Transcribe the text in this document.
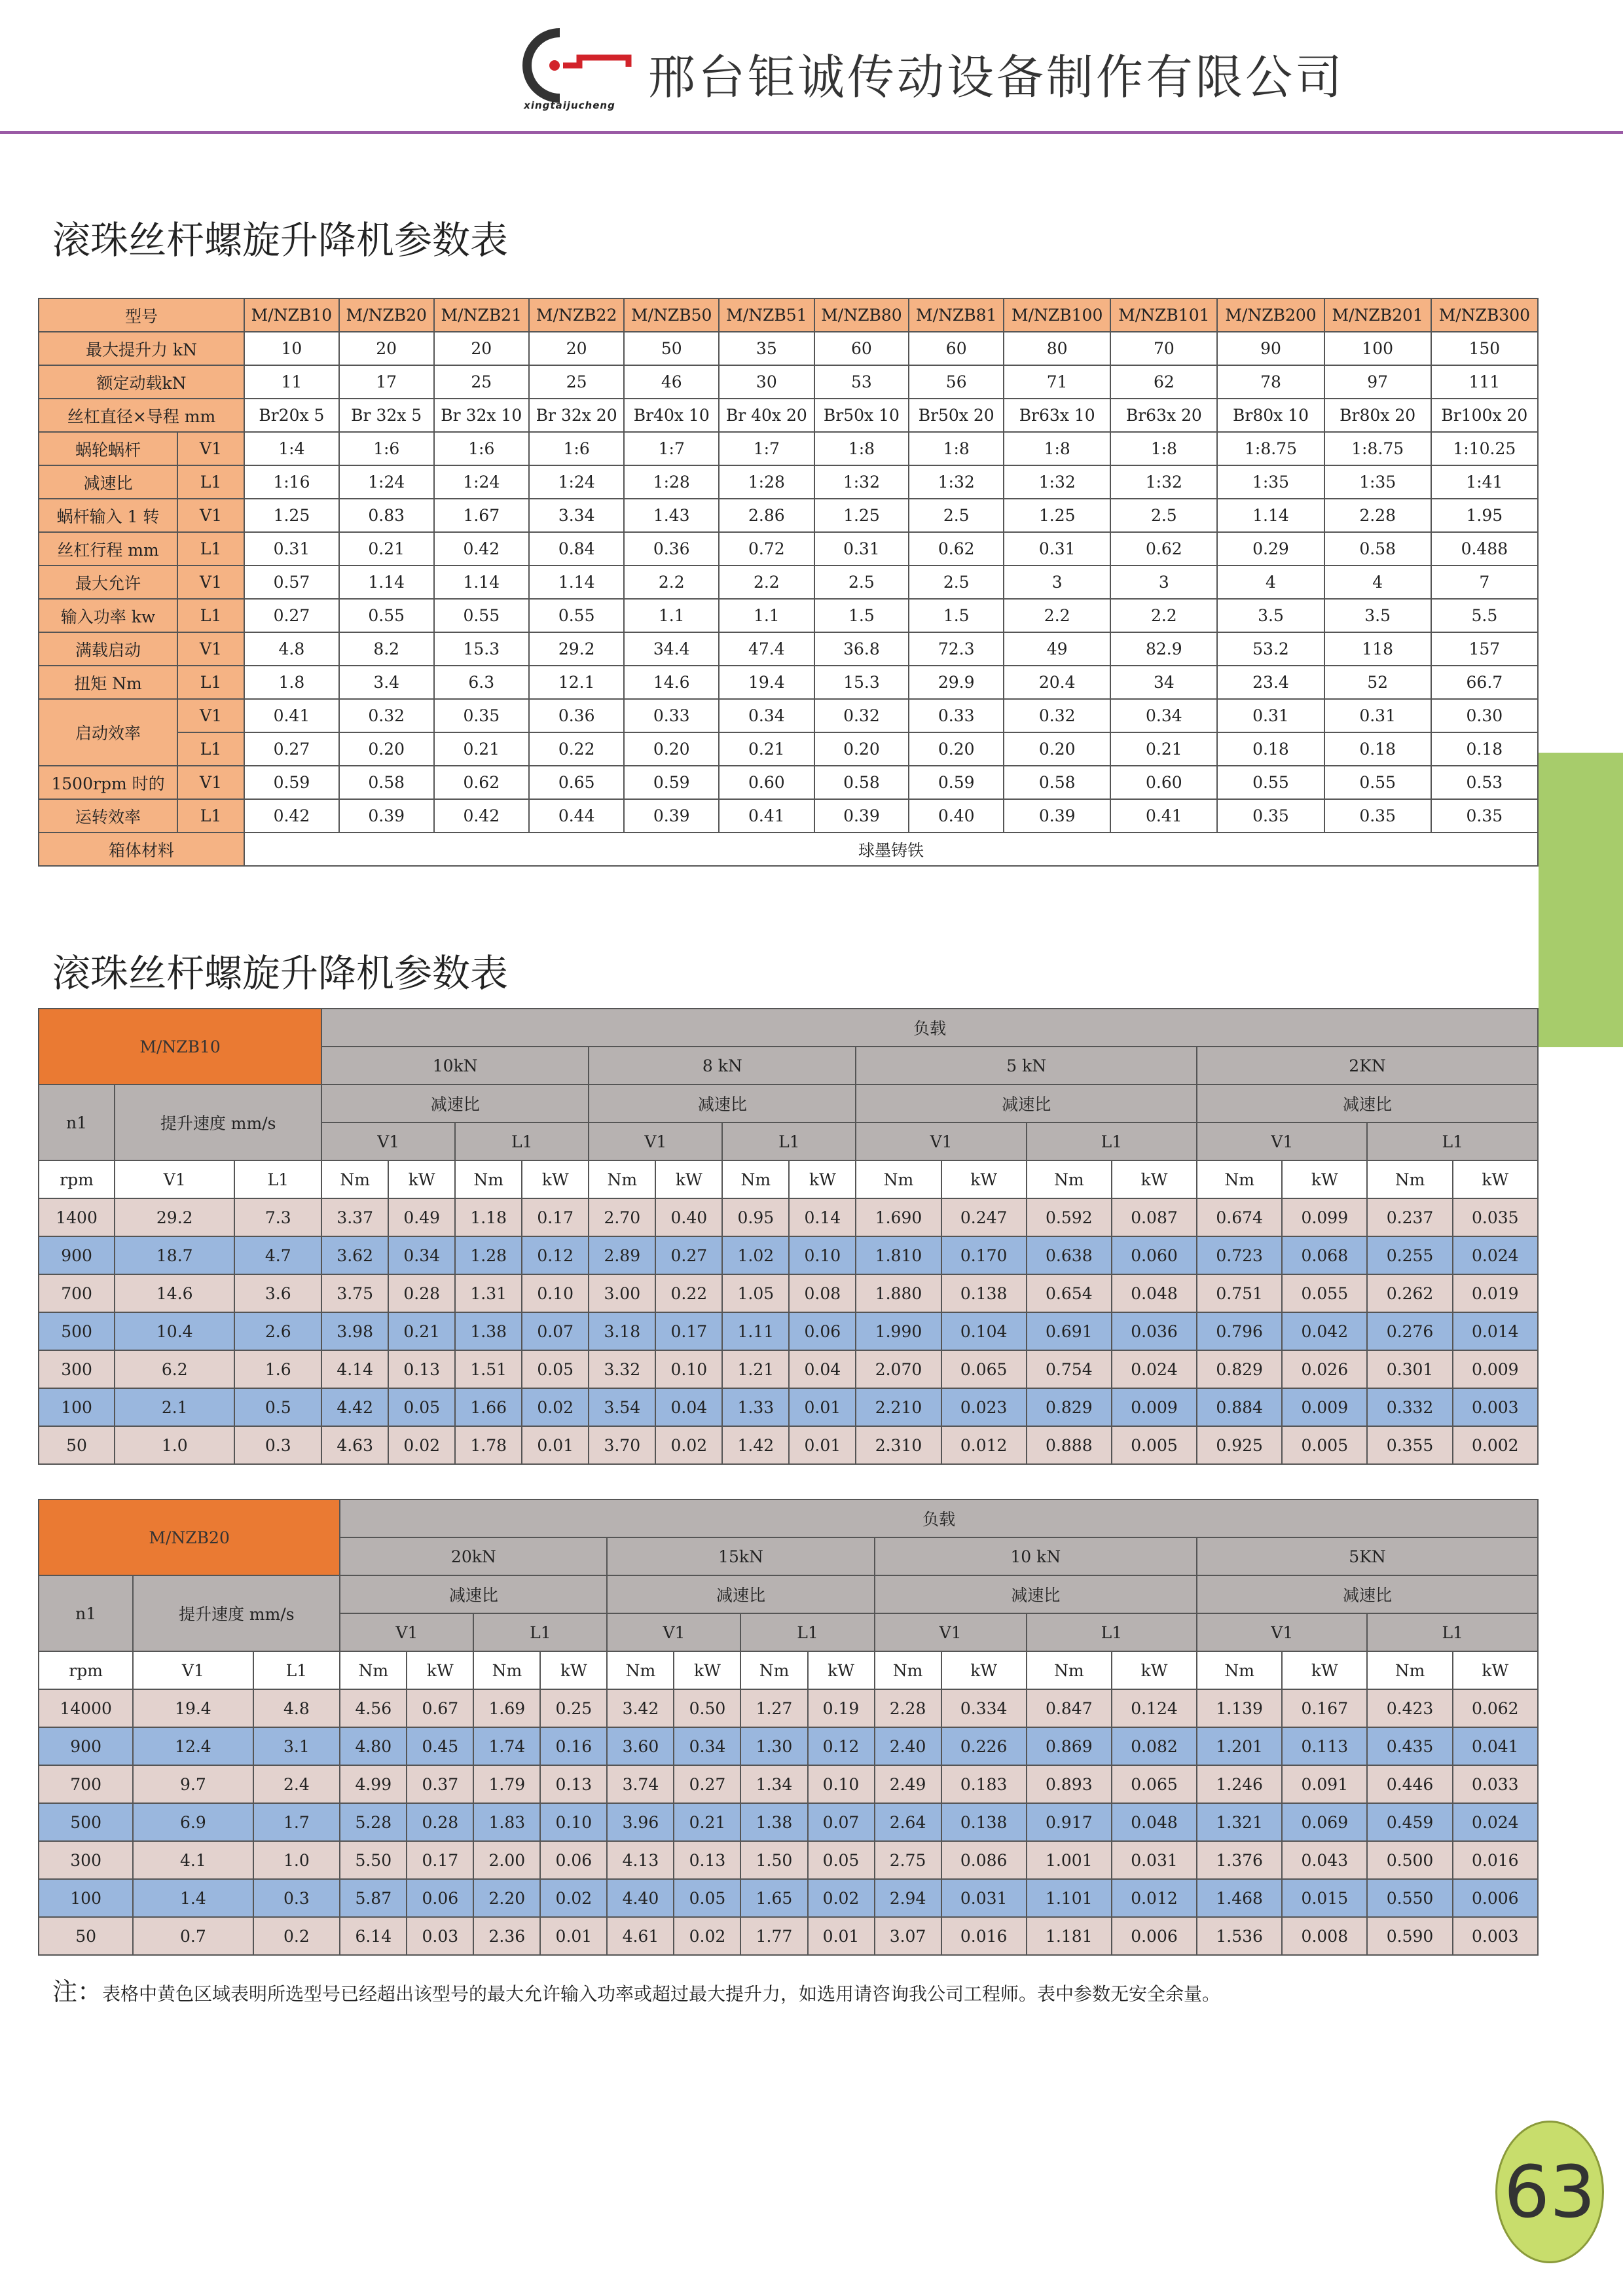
xingtaijucheng
邢台钜诚传动设备制作有限公司
滚珠丝杆螺旋升降机参数表
型号		M/NZB10	M/NZB20	M/NZB21	M/NZB22	M/NZB50	M/NZB51	M/NZB80	M/NZB81	M/NZB100	M/NZB101	M/NZB200	M/NZB201	M/NZB300
最大提升力 kN		10	20	20	20	50	35	60	60	80	70	90	100	150
额定动载kN		11	17	25	25	46	30	53	56	71	62	78	97	111
丝杠直径×导程 mm		Br20x 5	Br 32x 5	Br 32x 10	Br 32x 20	Br40x 10	Br 40x 20	Br50x 10	Br50x 20	Br63x 10	Br63x 20	Br80x 10	Br80x 20	Br100x 20
蜗轮蜗杆	V1	1:4	1:6	1:6	1:6	1:7	1:7	1:8	1:8	1:8	1:8	1:8.75	1:8.75	1:10.25
减速比	L1	1:16	1:24	1:24	1:24	1:28	1:28	1:32	1:32	1:32	1:32	1:35	1:35	1:41
蜗杆输入 1 转	V1	1.25	0.83	1.67	3.34	1.43	2.86	1.25	2.5	1.25	2.5	1.14	2.28	1.95
丝杠行程 mm	L1	0.31	0.21	0.42	0.84	0.36	0.72	0.31	0.62	0.31	0.62	0.29	0.58	0.488
最大允许	V1	0.57	1.14	1.14	1.14	2.2	2.2	2.5	2.5	3	3	4	4	7
输入功率 kw	L1	0.27	0.55	0.55	0.55	1.1	1.1	1.5	1.5	2.2	2.2	3.5	3.5	5.5
满载启动	V1	4.8	8.2	15.3	29.2	34.4	47.4	36.8	72.3	49	82.9	53.2	118	157
扭矩 Nm	L1	1.8	3.4	6.3	12.1	14.6	19.4	15.3	29.9	20.4	34	23.4	52	66.7
启动效率	V1	0.41	0.32	0.35	0.36	0.33	0.34	0.32	0.33	0.32	0.34	0.31	0.31	0.30
	L1	0.27	0.20	0.21	0.22	0.20	0.21	0.20	0.20	0.20	0.21	0.18	0.18	0.18
1500rpm 时的	V1	0.59	0.58	0.62	0.65	0.59	0.60	0.58	0.59	0.58	0.60	0.55	0.55	0.53
运转效率	L1	0.42	0.39	0.42	0.44	0.39	0.41	0.39	0.40	0.39	0.41	0.35	0.35	0.35
箱体材料		球墨铸铁												
滚珠丝杆螺旋升降机参数表
M/NZB10			负载															
			10kN				8 kN				5 kN				2KN			
n1	提升速度 mm/s		减速比				减速比				减速比				减速比			
			V1		L1		V1		L1		V1		L1		V1		L1	
rpm	V1	L1	Nm	kW	Nm	kW	Nm	kW	Nm	kW	Nm	kW	Nm	kW	Nm	kW	Nm	kW
1400	29.2	7.3	3.37	0.49	1.18	0.17	2.70	0.40	0.95	0.14	1.690	0.247	0.592	0.087	0.674	0.099	0.237	0.035
900	18.7	4.7	3.62	0.34	1.28	0.12	2.89	0.27	1.02	0.10	1.810	0.170	0.638	0.060	0.723	0.068	0.255	0.024
700	14.6	3.6	3.75	0.28	1.31	0.10	3.00	0.22	1.05	0.08	1.880	0.138	0.654	0.048	0.751	0.055	0.262	0.019
500	10.4	2.6	3.98	0.21	1.38	0.07	3.18	0.17	1.11	0.06	1.990	0.104	0.691	0.036	0.796	0.042	0.276	0.014
300	6.2	1.6	4.14	0.13	1.51	0.05	3.32	0.10	1.21	0.04	2.070	0.065	0.754	0.024	0.829	0.026	0.301	0.009
100	2.1	0.5	4.42	0.05	1.66	0.02	3.54	0.04	1.33	0.01	2.210	0.023	0.829	0.009	0.884	0.009	0.332	0.003
50	1.0	0.3	4.63	0.02	1.78	0.01	3.70	0.02	1.42	0.01	2.310	0.012	0.888	0.005	0.925	0.005	0.355	0.002
M/NZB20			负载															
			20kN				15kN				10 kN				5KN			
n1	提升速度 mm/s		减速比				减速比				减速比				减速比			
			V1		L1		V1		L1		V1		L1		V1		L1	
rpm	V1	L1	Nm	kW	Nm	kW	Nm	kW	Nm	kW	Nm	kW	Nm	kW	Nm	kW	Nm	kW
14000	19.4	4.8	4.56	0.67	1.69	0.25	3.42	0.50	1.27	0.19	2.28	0.334	0.847	0.124	1.139	0.167	0.423	0.062
900	12.4	3.1	4.80	0.45	1.74	0.16	3.60	0.34	1.30	0.12	2.40	0.226	0.869	0.082	1.201	0.113	0.435	0.041
700	9.7	2.4	4.99	0.37	1.79	0.13	3.74	0.27	1.34	0.10	2.49	0.183	0.893	0.065	1.246	0.091	0.446	0.033
500	6.9	1.7	5.28	0.28	1.83	0.10	3.96	0.21	1.38	0.07	2.64	0.138	0.917	0.048	1.321	0.069	0.459	0.024
300	4.1	1.0	5.50	0.17	2.00	0.06	4.13	0.13	1.50	0.05	2.75	0.086	1.001	0.031	1.376	0.043	0.500	0.016
100	1.4	0.3	5.87	0.06	2.20	0.02	4.40	0.05	1.65	0.02	2.94	0.031	1.101	0.012	1.468	0.015	0.550	0.006
50	0.7	0.2	6.14	0.03	2.36	0.01	4.61	0.02	1.77	0.01	3.07	0.016	1.181	0.006	1.536	0.008	0.590	0.003
注：表格中黄色区域表明所选型号已经超出该型号的最大允许输入功率或超过最大提升力，如选用请咨询我公司工程师。表中参数无安全余量。
63
